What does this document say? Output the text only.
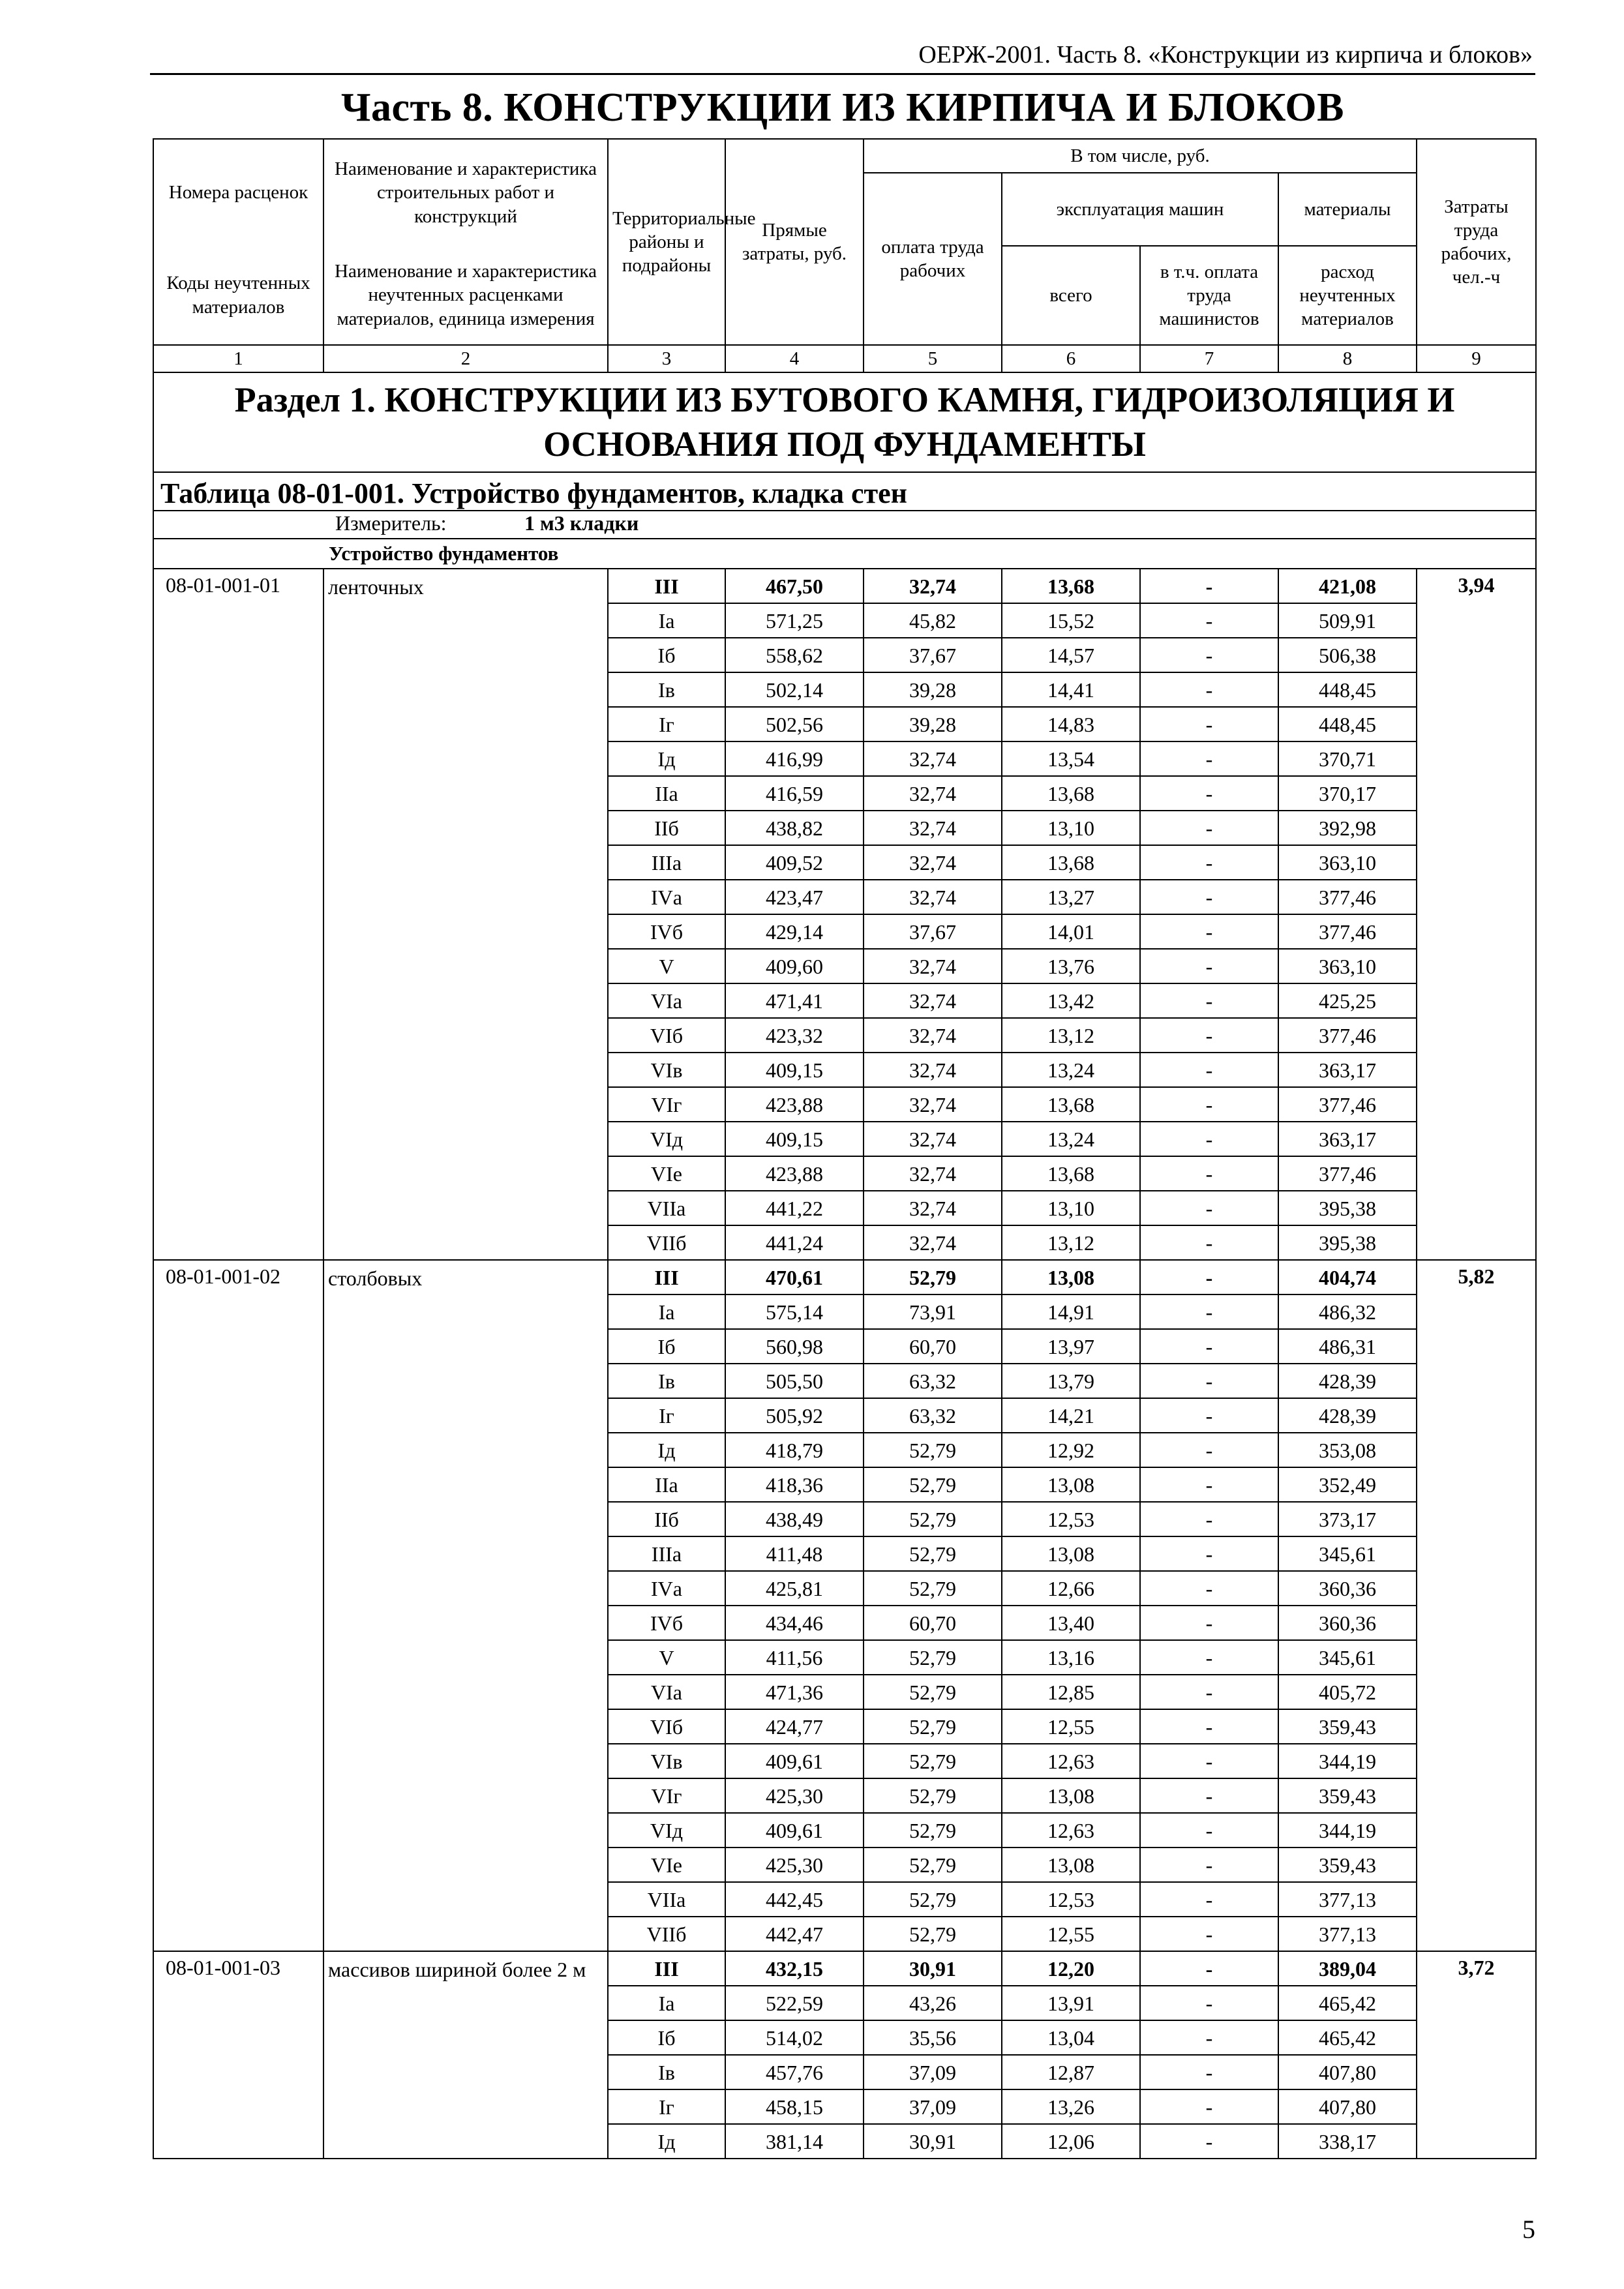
ОЕРЖ-2001. Часть 8. «Конструкции из кирпича и блоков»
Часть 8. КОНСТРУКЦИИ ИЗ КИРПИЧА И БЛОКОВ
Номера расценок	Наименование и характеристика строительных работ и конструкций	Территориальные районы и подрайоны	Прямые затраты, руб.	В том числе, руб.				Затраты труда рабочих, чел.-ч
				оплата труда рабочих	эксплуатация машин		материалы	
Коды неучтенных материалов	Наименование и характеристика неучтенных расценками материалов, единица измерения				всего	в т.ч. оплата труда машинистов	расход неучтенных материалов	

1	2	3	4	5	6	7	8	9
Раздел 1. КОНСТРУКЦИИ ИЗ БУТОВОГО КАМНЯ, ГИДРОИЗОЛЯЦИЯ И ОСНОВАНИЯ ПОД ФУНДАМЕНТЫ								
Таблица 08-01-001. Устройство фундаментов, кладка стен								
Измеритель: 1 м3 кладки								
Устройство фундаментов								
08-01-001-01	ленточных	III	467,50	32,74	13,68	-	421,08	3,94
		Iа	571,25	45,82	15,52	-	509,91	
		Iб	558,62	37,67	14,57	-	506,38	
		Iв	502,14	39,28	14,41	-	448,45	
		Iг	502,56	39,28	14,83	-	448,45	
		Iд	416,99	32,74	13,54	-	370,71	
		IIа	416,59	32,74	13,68	-	370,17	
		IIб	438,82	32,74	13,10	-	392,98	
		IIIа	409,52	32,74	13,68	-	363,10	
		IVа	423,47	32,74	13,27	-	377,46	
		IVб	429,14	37,67	14,01	-	377,46	
		V	409,60	32,74	13,76	-	363,10	
		VIа	471,41	32,74	13,42	-	425,25	
		VIб	423,32	32,74	13,12	-	377,46	
		VIв	409,15	32,74	13,24	-	363,17	
		VIг	423,88	32,74	13,68	-	377,46	
		VIд	409,15	32,74	13,24	-	363,17	
		VIе	423,88	32,74	13,68	-	377,46	
		VIIа	441,22	32,74	13,10	-	395,38	
		VIIб	441,24	32,74	13,12	-	395,38	
08-01-001-02	столбовых	III	470,61	52,79	13,08	-	404,74	5,82
		Iа	575,14	73,91	14,91	-	486,32	
		Iб	560,98	60,70	13,97	-	486,31	
		Iв	505,50	63,32	13,79	-	428,39	
		Iг	505,92	63,32	14,21	-	428,39	
		Iд	418,79	52,79	12,92	-	353,08	
		IIа	418,36	52,79	13,08	-	352,49	
		IIб	438,49	52,79	12,53	-	373,17	
		IIIа	411,48	52,79	13,08	-	345,61	
		IVа	425,81	52,79	12,66	-	360,36	
		IVб	434,46	60,70	13,40	-	360,36	
		V	411,56	52,79	13,16	-	345,61	
		VIа	471,36	52,79	12,85	-	405,72	
		VIб	424,77	52,79	12,55	-	359,43	
		VIв	409,61	52,79	12,63	-	344,19	
		VIг	425,30	52,79	13,08	-	359,43	
		VIд	409,61	52,79	12,63	-	344,19	
		VIе	425,30	52,79	13,08	-	359,43	
		VIIа	442,45	52,79	12,53	-	377,13	
		VIIб	442,47	52,79	12,55	-	377,13	
08-01-001-03	массивов шириной более 2 м	III	432,15	30,91	12,20	-	389,04	3,72
		Iа	522,59	43,26	13,91	-	465,42	
		Iб	514,02	35,56	13,04	-	465,42	
		Iв	457,76	37,09	12,87	-	407,80	
		Iг	458,15	37,09	13,26	-	407,80	
		Iд	381,14	30,91	12,06	-	338,17	
5
